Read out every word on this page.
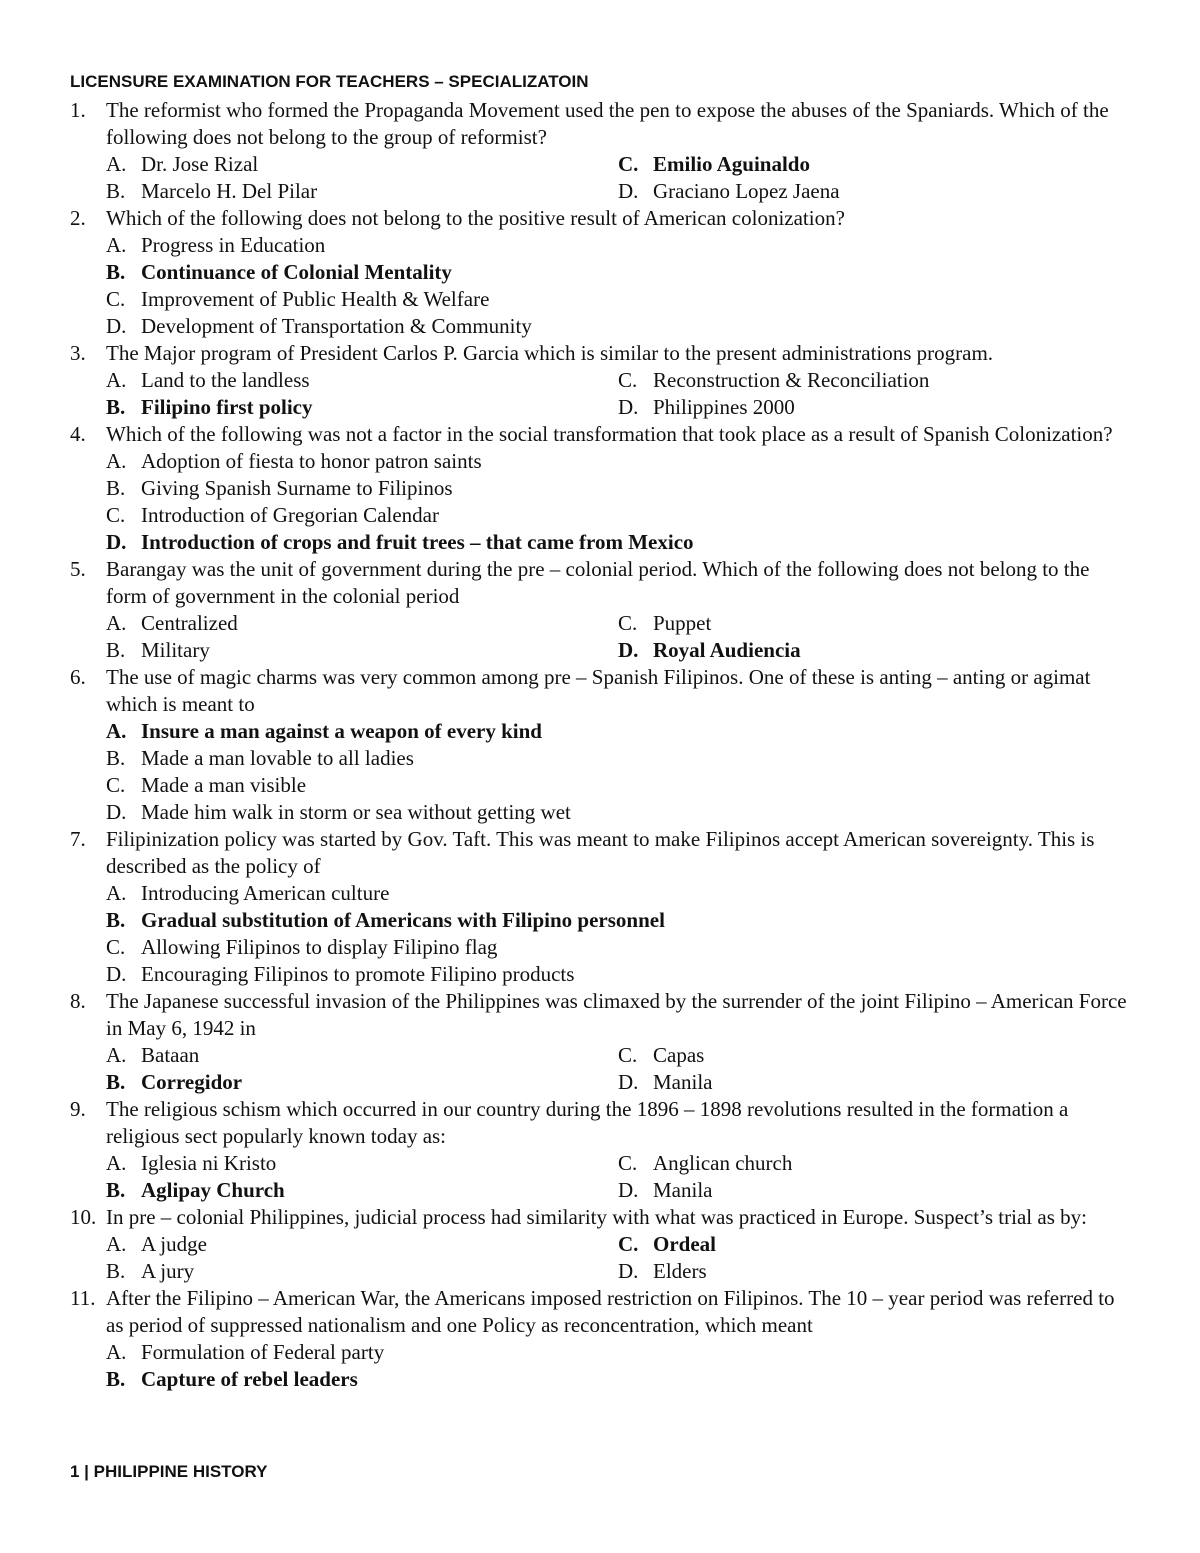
LICENSURE EXAMINATION FOR TEACHERS – SPECIALIZATOIN
1. The reformist who formed the Propaganda Movement used the pen to expose the abuses of the Spaniards. Which of the following does not belong to the group of reformist?
A. Dr. Jose Rizal	C. Emilio Aguinaldo
B. Marcelo H. Del Pilar	D. Graciano Lopez Jaena
2. Which of the following does not belong to the positive result of American colonization?
A. Progress in Education
B. Continuance of Colonial Mentality
C. Improvement of Public Health & Welfare
D. Development of Transportation & Community
3. The Major program of President Carlos P. Garcia which is similar to the present administrations program.
A. Land to the landless	C. Reconstruction & Reconciliation
B. Filipino first policy	D. Philippines 2000
4. Which of the following was not a factor in the social transformation that took place as a result of Spanish Colonization?
A. Adoption of fiesta to honor patron saints
B. Giving Spanish Surname to Filipinos
C. Introduction of Gregorian Calendar
D. Introduction of crops and fruit trees – that came from Mexico
5. Barangay was the unit of government during the pre – colonial period. Which of the following does not belong to the form of government in the colonial period
A. Centralized	C. Puppet
B. Military	D. Royal Audiencia
6. The use of magic charms was very common among pre – Spanish Filipinos. One of these is anting – anting or agimat which is meant to
A. Insure a man against a weapon of every kind
B. Made a man lovable to all ladies
C. Made a man visible
D. Made him walk in storm or sea without getting wet
7. Filipinization policy was started by Gov. Taft. This was meant to make Filipinos accept American sovereignty. This is described as the policy of
A. Introducing American culture
B. Gradual substitution of Americans with Filipino personnel
C. Allowing Filipinos to display Filipino flag
D. Encouraging Filipinos to promote Filipino products
8. The Japanese successful invasion of the Philippines was climaxed by the surrender of the joint Filipino – American Force in May 6, 1942 in
A. Bataan	C. Capas
B. Corregidor	D. Manila
9. The religious schism which occurred in our country during the 1896 – 1898 revolutions resulted in the formation a religious sect popularly known today as:
A. Iglesia ni Kristo	C. Anglican church
B. Aglipay Church	D. Manila
10. In pre – colonial Philippines, judicial process had similarity with what was practiced in Europe. Suspect’s trial as by:
A. A judge	C. Ordeal
B. A jury	D. Elders
11. After the Filipino – American War, the Americans imposed restriction on Filipinos. The 10 – year period was referred to as period of suppressed nationalism and one Policy as reconcentration, which meant
A. Formulation of Federal party
B. Capture of rebel leaders
1 | PHILIPPINE HISTORY
